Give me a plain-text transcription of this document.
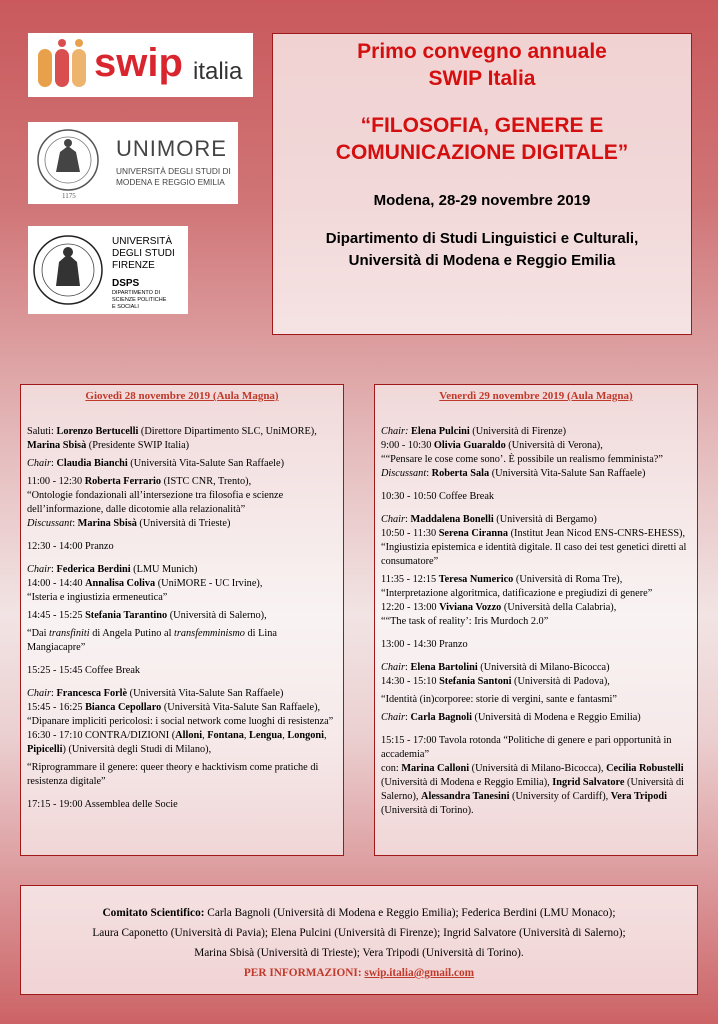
swip italia
1175
UNIMORE
UNIVERSITÀ DEGLI STUDI DI
MODENA E REGGIO EMILIA
UNIVERSITÀ
DEGLI STUDI
FIRENZE
DSPS
DIPARTIMENTO DI
SCIENZE POLITICHE
E SOCIALI
Primo convegno annuale
SWIP Italia
“FILOSOFIA, GENERE E
COMUNICAZIONE DIGITALE”
Modena, 28-29 novembre 2019
Dipartimento di Studi Linguistici e Culturali,
Università di Modena e Reggio Emilia
Giovedì 28 novembre 2019 (Aula Magna)

Saluti: Lorenzo Bertucelli (Direttore Dipartimento SLC, UniMORE),
Marina Sbisà (Presidente SWIP Italia)

Chair: Claudia Bianchi (Università Vita-Salute San Raffaele)

11:00 - 12:30 Roberta Ferrario (ISTC CNR, Trento),
“Ontologie fondazionali all’intersezione tra filosofia e scienze dell’informazione, dalle dicotomie alla relazionalità”

Discussant: Marina Sbisà (Università di Trieste)

12:30 - 14:00 Pranzo

Chair: Federica Berdini (LMU Munich)

14:00 - 14:40 Annalisa Coliva (UniMORE - UC Irvine),
“Isteria e ingiustizia ermeneutica”

14:45 - 15:25 Stefania Tarantino (Università di Salerno),

“Dai transfiniti di Angela Putino al transfemminismo di Lina Mangiacapre”

15:25 - 15:45 Coffee Break

Chair: Francesca Forlè (Università Vita-Salute San Raffaele)

15:45 - 16:25 Bianca Cepollaro (Università Vita-Salute San Raffaele),
“Dipanare impliciti pericolosi: i social network come luoghi di resistenza”

16:30 - 17:10 CONTRA/DIZIONI (Alloni, Fontana, Lengua, Longoni,
Pipicelli) (Università degli Studi di Milano),

“Riprogrammare il genere: queer theory e hacktivism come pratiche di resistenza digitale”

17:15 - 19:00 Assemblea delle Socie

Venerdì 29 novembre 2019 (Aula Magna)

Chair: Elena Pulcini (Università di Firenze)

9:00 - 10:30 Olivia Guaraldo (Università di Verona),
““Pensare le cose come sono’. È possibile un realismo femminista?”

Discussant: Roberta Sala (Università Vita-Salute San Raffaele)

10:30 - 10:50 Coffee Break

Chair: Maddalena Bonelli (Università di Bergamo)

10:50 - 11:30 Serena Ciranna (Institut Jean Nicod ENS-CNRS-EHESS), “Ingiustizia epistemica e identità digitale. Il caso dei test genetici diretti al consumatore”

11:35 - 12:15 Teresa Numerico (Università di Roma Tre),
“Interpretazione algoritmica, datificazione e pregiudizi di genere”

12:20 - 13:00 Viviana Vozzo (Università della Calabria),
““The task of reality’: Iris Murdoch 2.0”

13:00 - 14:30 Pranzo

Chair: Elena Bartolini (Università di Milano-Bicocca)

14:30 - 15:10 Stefania Santoni (Università di Padova),

“Identità (in)corporee: storie di vergini, sante e fantasmi”

Chair: Carla Bagnoli (Università di Modena e Reggio Emilia)

15:15 - 17:00 Tavola rotonda “Politiche di genere e pari opportunità in accademia”

con: Marina Calloni (Università di Milano-Bicocca), Cecilia Robustelli (Università di Modena e Reggio Emilia), Ingrid Salvatore (Università di Salerno), Alessandra Tanesini (University of Cardiff), Vera Tripodi (Università di Torino).

Comitato Scientifico: Carla Bagnoli (Università di Modena e Reggio Emilia); Federica Berdini (LMU Monaco);
Laura Caponetto (Università di Pavia); Elena Pulcini (Università di Firenze); Ingrid Salvatore (Università di Salerno);
Marina Sbisà (Università di Trieste); Vera Tripodi (Università di Torino).
PER INFORMAZIONI: swip.italia@gmail.com
